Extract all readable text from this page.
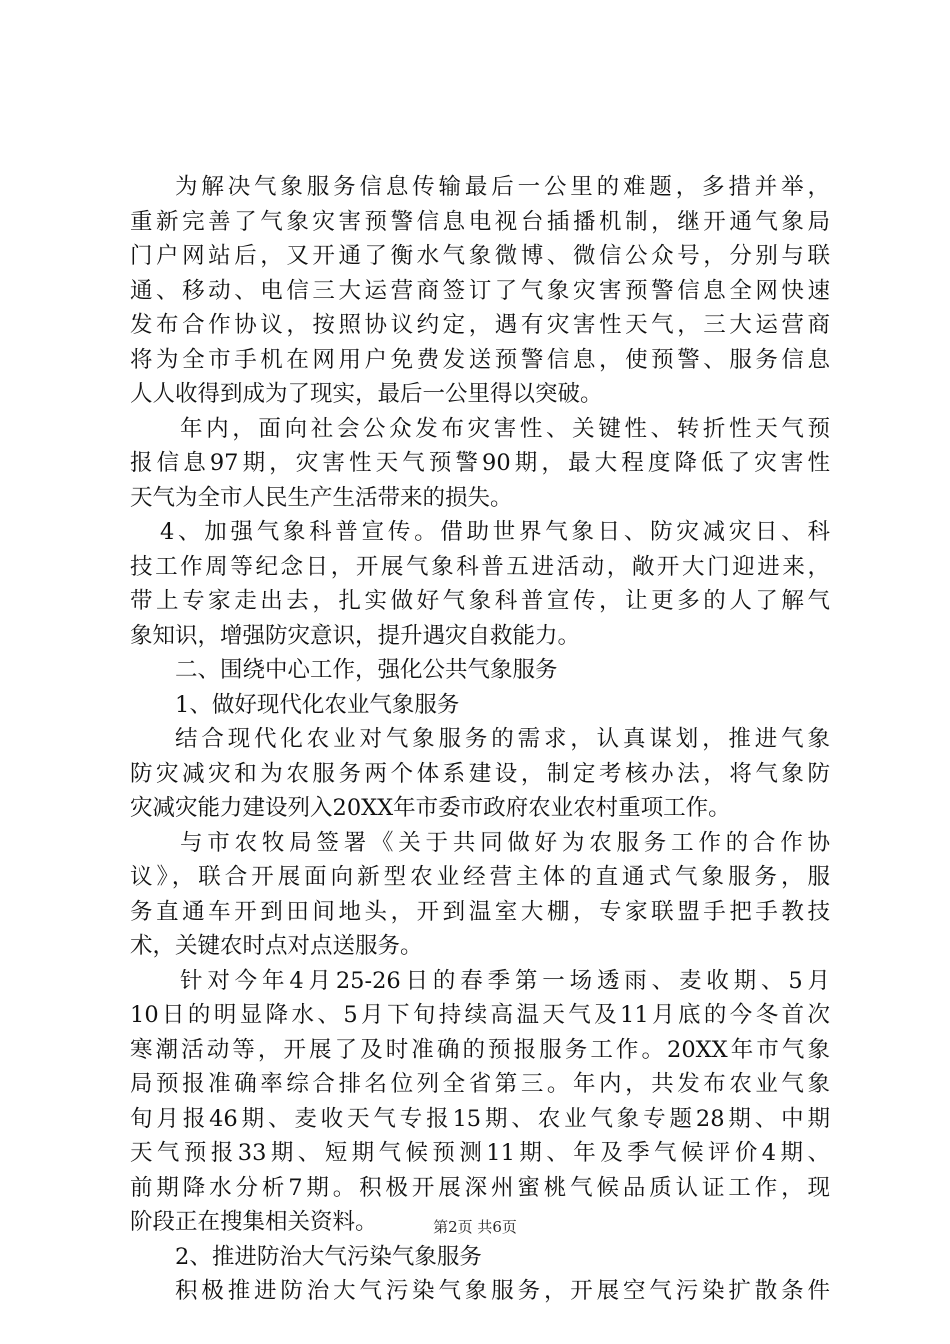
为解决气象服务信息传输最后一公里的难题，多措并举，
重新完善了气象灾害预警信息电视台插播机制，继开通气象局
门户网站后，又开通了衡水气象微博、微信公众号，分别与联
通、移动、电信三大运营商签订了气象灾害预警信息全网快速
发布合作协议，按照协议约定，遇有灾害性天气，三大运营商
将为全市手机在网用户免费发送预警信息，使预警、服务信息
人人收得到成为了现实，最后一公里得以突破。
年内，面向社会公众发布灾害性、关键性、转折性天气预
报信息97期，灾害性天气预警90期，最大程度降低了灾害性
天气为全市人民生产生活带来的损失。
4、加强气象科普宣传。借助世界气象日、防灾减灾日、科
技工作周等纪念日，开展气象科普五进活动，敞开大门迎进来，
带上专家走出去，扎实做好气象科普宣传，让更多的人了解气
象知识，增强防灾意识，提升遇灾自救能力。
二、围绕中心工作，强化公共气象服务
1、做好现代化农业气象服务
结合现代化农业对气象服务的需求，认真谋划，推进气象
防灾减灾和为农服务两个体系建设，制定考核办法，将气象防
灾减灾能力建设列入20XX年市委市政府农业农村重项工作。
与市农牧局签署《关于共同做好为农服务工作的合作协
议》，联合开展面向新型农业经营主体的直通式气象服务，服
务直通车开到田间地头，开到温室大棚，专家联盟手把手教技
术，关键农时点对点送服务。
针对今年4月25-26日的春季第一场透雨、麦收期、5月
10日的明显降水、5月下旬持续高温天气及11月底的今冬首次
寒潮活动等，开展了及时准确的预报服务工作。20XX年市气象
局预报准确率综合排名位列全省第三。年内，共发布农业气象
旬月报46期、麦收天气专报15期、农业气象专题28期、中期
天气预报33期、短期气候预测11期、年及季气候评价4期、
前期降水分析7期。积极开展深州蜜桃气候品质认证工作，现
阶段正在搜集相关资料。
2、推进防治大气污染气象服务
积极推进防治大气污染气象服务，开展空气污染扩散条件
第2页 共6页
